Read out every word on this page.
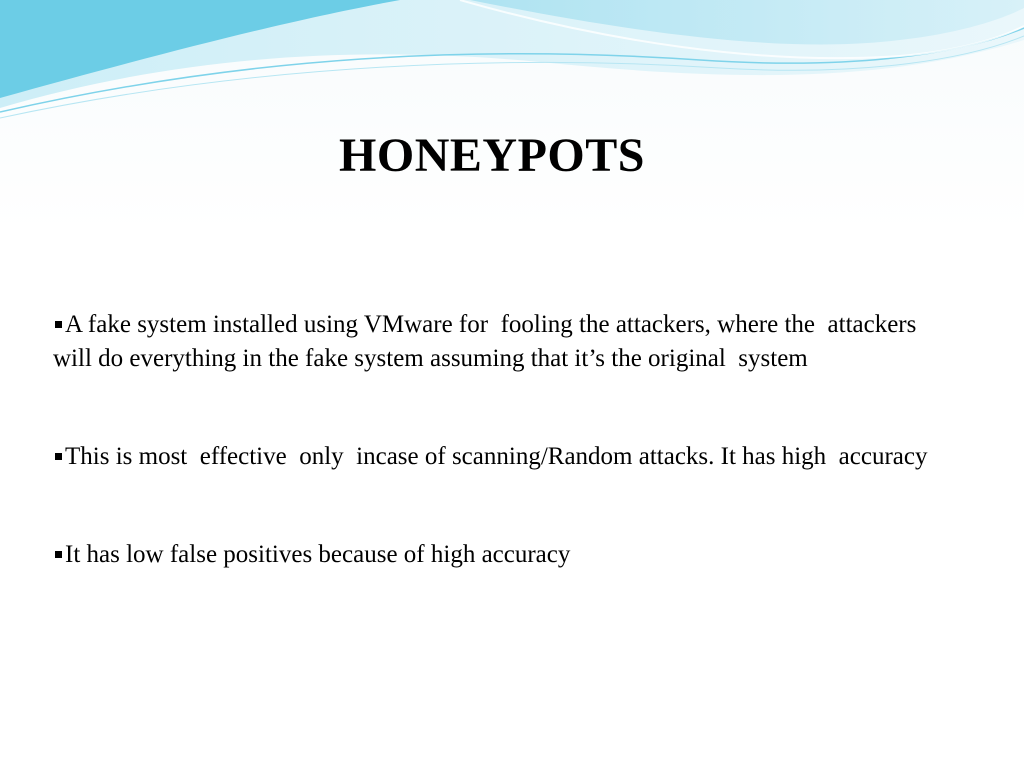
HONEYPOTS

A fake system installed using VMware for  fooling the attackers, where the  attackers will do everything in the fake system assuming that it’s the original  system

This is most  effective  only  incase of scanning/Random attacks. It has high  accuracy

It has low false positives because of high accuracy
